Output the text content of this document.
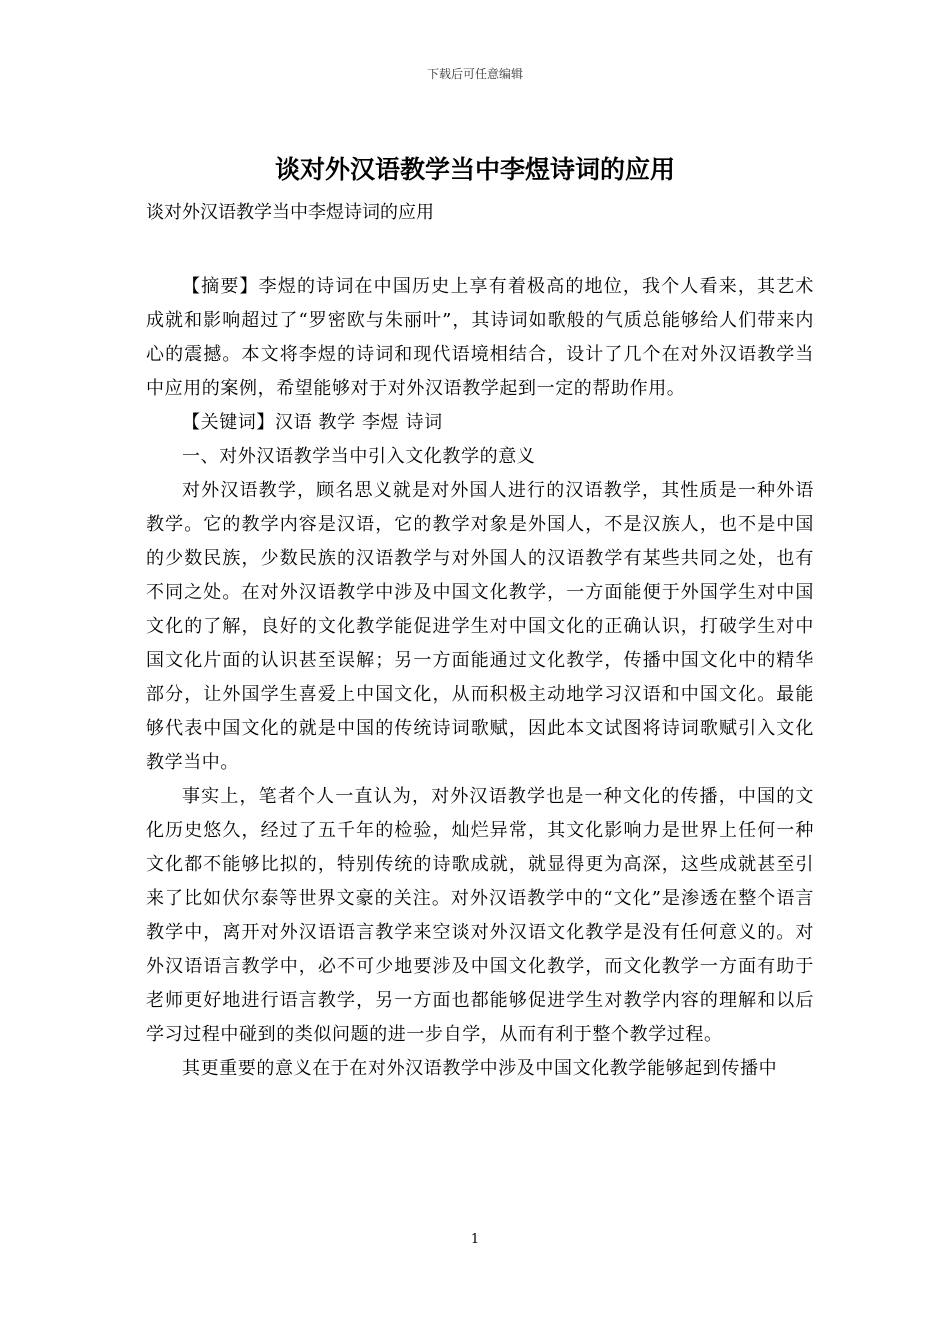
下载后可任意编辑
谈对外汉语教学当中李煜诗词的应用
谈对外汉语教学当中李煜诗词的应用

【摘要】李煜的诗词在中国历史上享有着极高的地位，我个人看来，其艺术成就和影响超过了“罗密欧与朱丽叶”，其诗词如歌般的气质总能够给人们带来内心的震撼。本文将李煜的诗词和现代语境相结合，设计了几个在对外汉语教学当中应用的案例，希望能够对于对外汉语教学起到一定的帮助作用。

【关键词】汉语 教学 李煜 诗词

一、对外汉语教学当中引入文化教学的意义

对外汉语教学，顾名思义就是对外国人进行的汉语教学，其性质是一种外语教学。它的教学内容是汉语，它的教学对象是外国人，不是汉族人，也不是中国的少数民族，少数民族的汉语教学与对外国人的汉语教学有某些共同之处，也有不同之处。在对外汉语教学中涉及中国文化教学，一方面能便于外国学生对中国文化的了解，良好的文化教学能促进学生对中国文化的正确认识，打破学生对中国文化片面的认识甚至误解；另一方面能通过文化教学，传播中国文化中的精华部分，让外国学生喜爱上中国文化，从而积极主动地学习汉语和中国文化。最能够代表中国文化的就是中国的传统诗词歌赋，因此本文试图将诗词歌赋引入文化教学当中。

事实上，笔者个人一直认为，对外汉语教学也是一种文化的传播，中国的文化历史悠久，经过了五千年的检验，灿烂异常，其文化影响力是世界上任何一种文化都不能够比拟的，特别传统的诗歌成就，就显得更为高深，这些成就甚至引来了比如伏尔泰等世界文豪的关注。对外汉语教学中的“文化”是渗透在整个语言教学中，离开对外汉语语言教学来空谈对外汉语文化教学是没有任何意义的。对外汉语语言教学中，必不可少地要涉及中国文化教学，而文化教学一方面有助于老师更好地进行语言教学，另一方面也都能够促进学生对教学内容的理解和以后学习过程中碰到的类似问题的进一步自学，从而有利于整个教学过程。

其更重要的意义在于在对外汉语教学中涉及中国文化教学能够起到传播中

1
